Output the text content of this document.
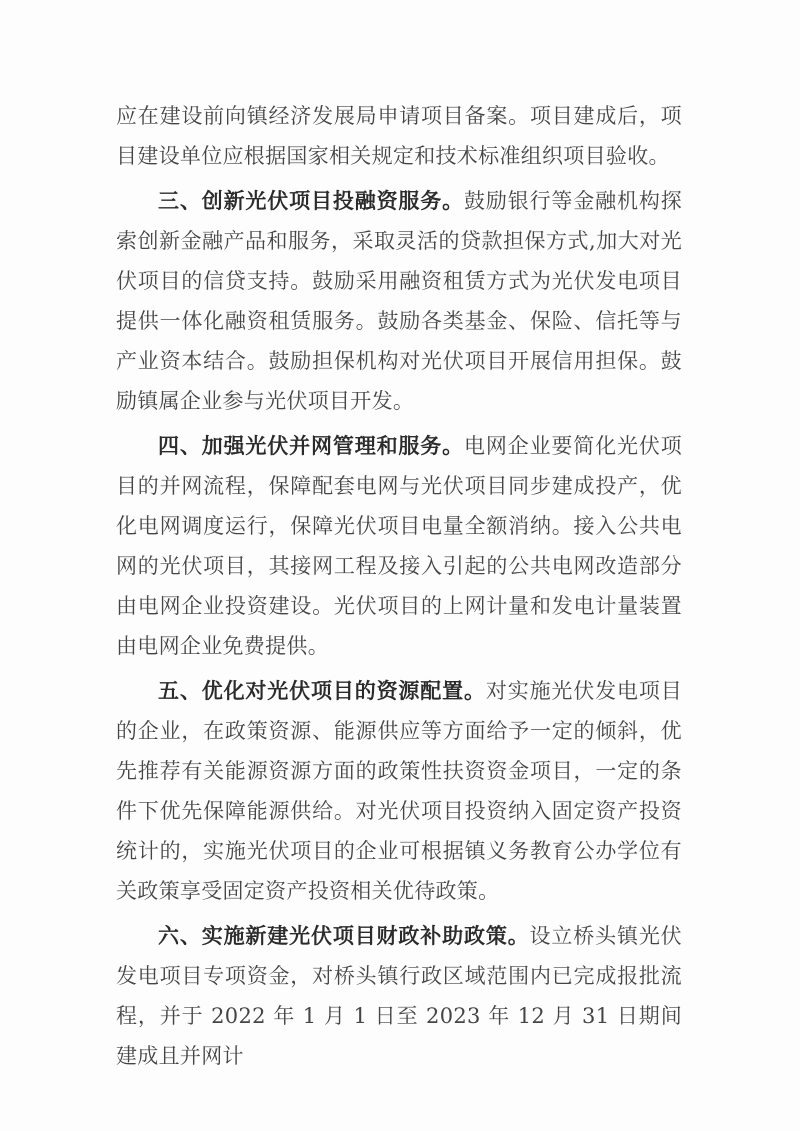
应在建设前向镇经济发展局申请项目备案。项目建成后，项目建设单位应根据国家相关规定和技术标准组织项目验收。

三、创新光伏项目投融资服务。鼓励银行等金融机构探索创新金融产品和服务，采取灵活的贷款担保方式,加大对光伏项目的信贷支持。鼓励采用融资租赁方式为光伏发电项目提供一体化融资租赁服务。鼓励各类基金、保险、信托等与产业资本结合。鼓励担保机构对光伏项目开展信用担保。鼓励镇属企业参与光伏项目开发。

四、加强光伏并网管理和服务。电网企业要简化光伏项目的并网流程，保障配套电网与光伏项目同步建成投产，优化电网调度运行，保障光伏项目电量全额消纳。接入公共电网的光伏项目，其接网工程及接入引起的公共电网改造部分由电网企业投资建设。光伏项目的上网计量和发电计量装置由电网企业免费提供。

五、优化对光伏项目的资源配置。对实施光伏发电项目的企业，在政策资源、能源供应等方面给予一定的倾斜，优先推荐有关能源资源方面的政策性扶资资金项目，一定的条件下优先保障能源供给。对光伏项目投资纳入固定资产投资统计的，实施光伏项目的企业可根据镇义务教育公办学位有关政策享受固定资产投资相关优待政策。

六、实施新建光伏项目财政补助政策。设立桥头镇光伏发电项目专项资金，对桥头镇行政区域范围内已完成报批流程，并于 2022 年 1 月 1 日至 2023 年 12 月 31 日期间建成且并网计
